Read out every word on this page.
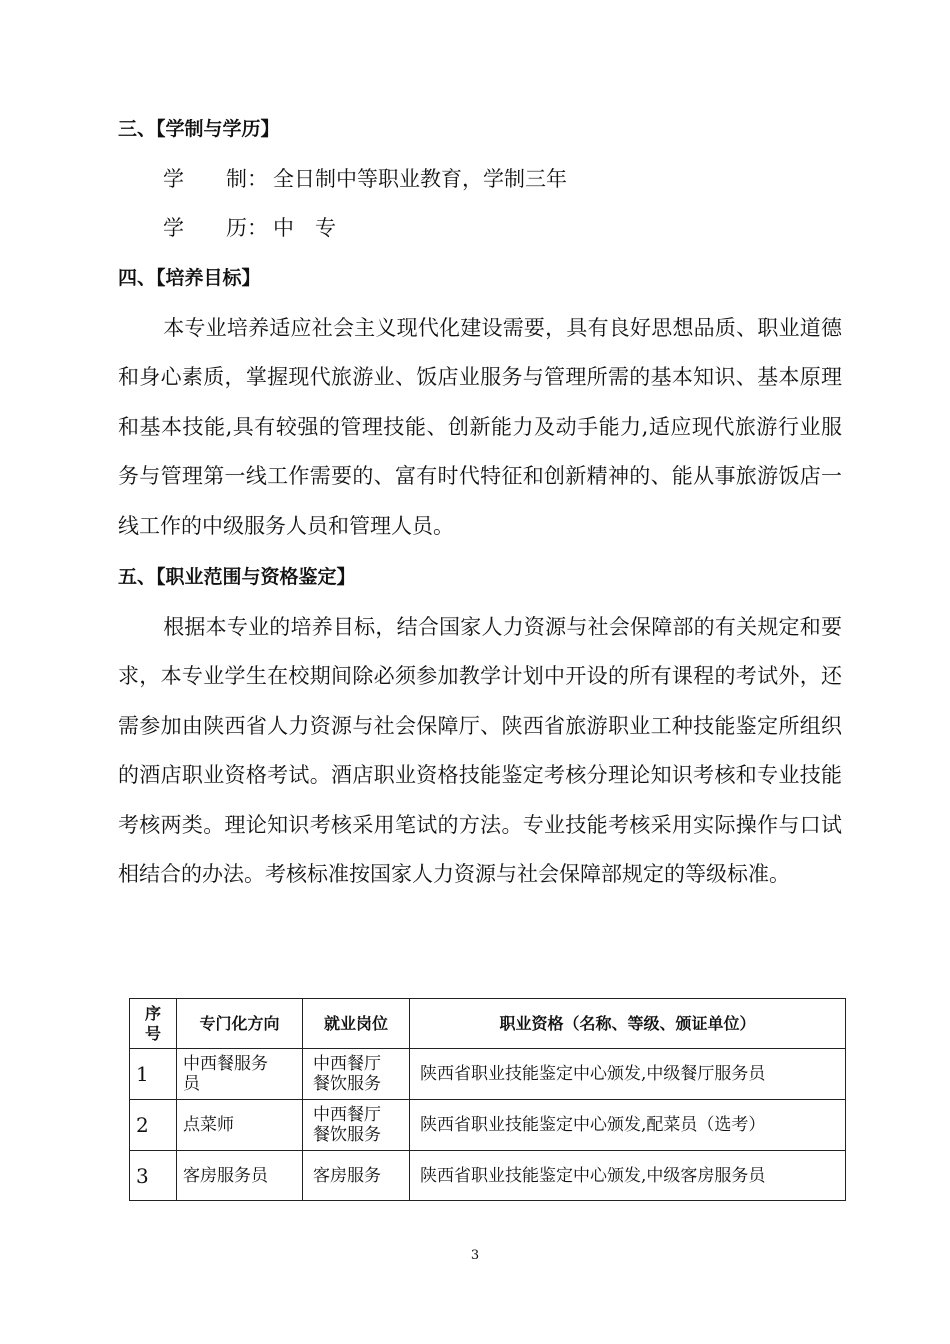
三、【学制与学历】
学　　制： 全日制中等职业教育，学制三年
学　　历： 中　专
四、【培养目标】
本专业培养适应社会主义现代化建设需要，具有良好思想品质、职业道德和身心素质，掌握现代旅游业、饭店业服务与管理所需的基本知识、基本原理和基本技能,具有较强的管理技能、创新能力及动手能力,适应现代旅游行业服务与管理第一线工作需要的、富有时代特征和创新精神的、能从事旅游饭店一线工作的中级服务人员和管理人员。
五、【职业范围与资格鉴定】
根据本专业的培养目标，结合国家人力资源与社会保障部的有关规定和要求，本专业学生在校期间除必须参加教学计划中开设的所有课程的考试外，还需参加由陕西省人力资源与社会保障厅、陕西省旅游职业工种技能鉴定所组织的酒店职业资格考试。酒店职业资格技能鉴定考核分理论知识考核和专业技能考核两类。理论知识考核采用笔试的方法。专业技能考核采用实际操作与口试相结合的办法。考核标准按国家人力资源与社会保障部规定的等级标准。
序号	专门化方向	就业岗位	职业资格（名称、等级、颁证单位）
1	中西餐服务员	中西餐厅餐饮服务	陕西省职业技能鉴定中心颁发,中级餐厅服务员
2	点菜师	中西餐厅餐饮服务	陕西省职业技能鉴定中心颁发,配菜员（选考）
3	客房服务员	客房服务	陕西省职业技能鉴定中心颁发,中级客房服务员
3
